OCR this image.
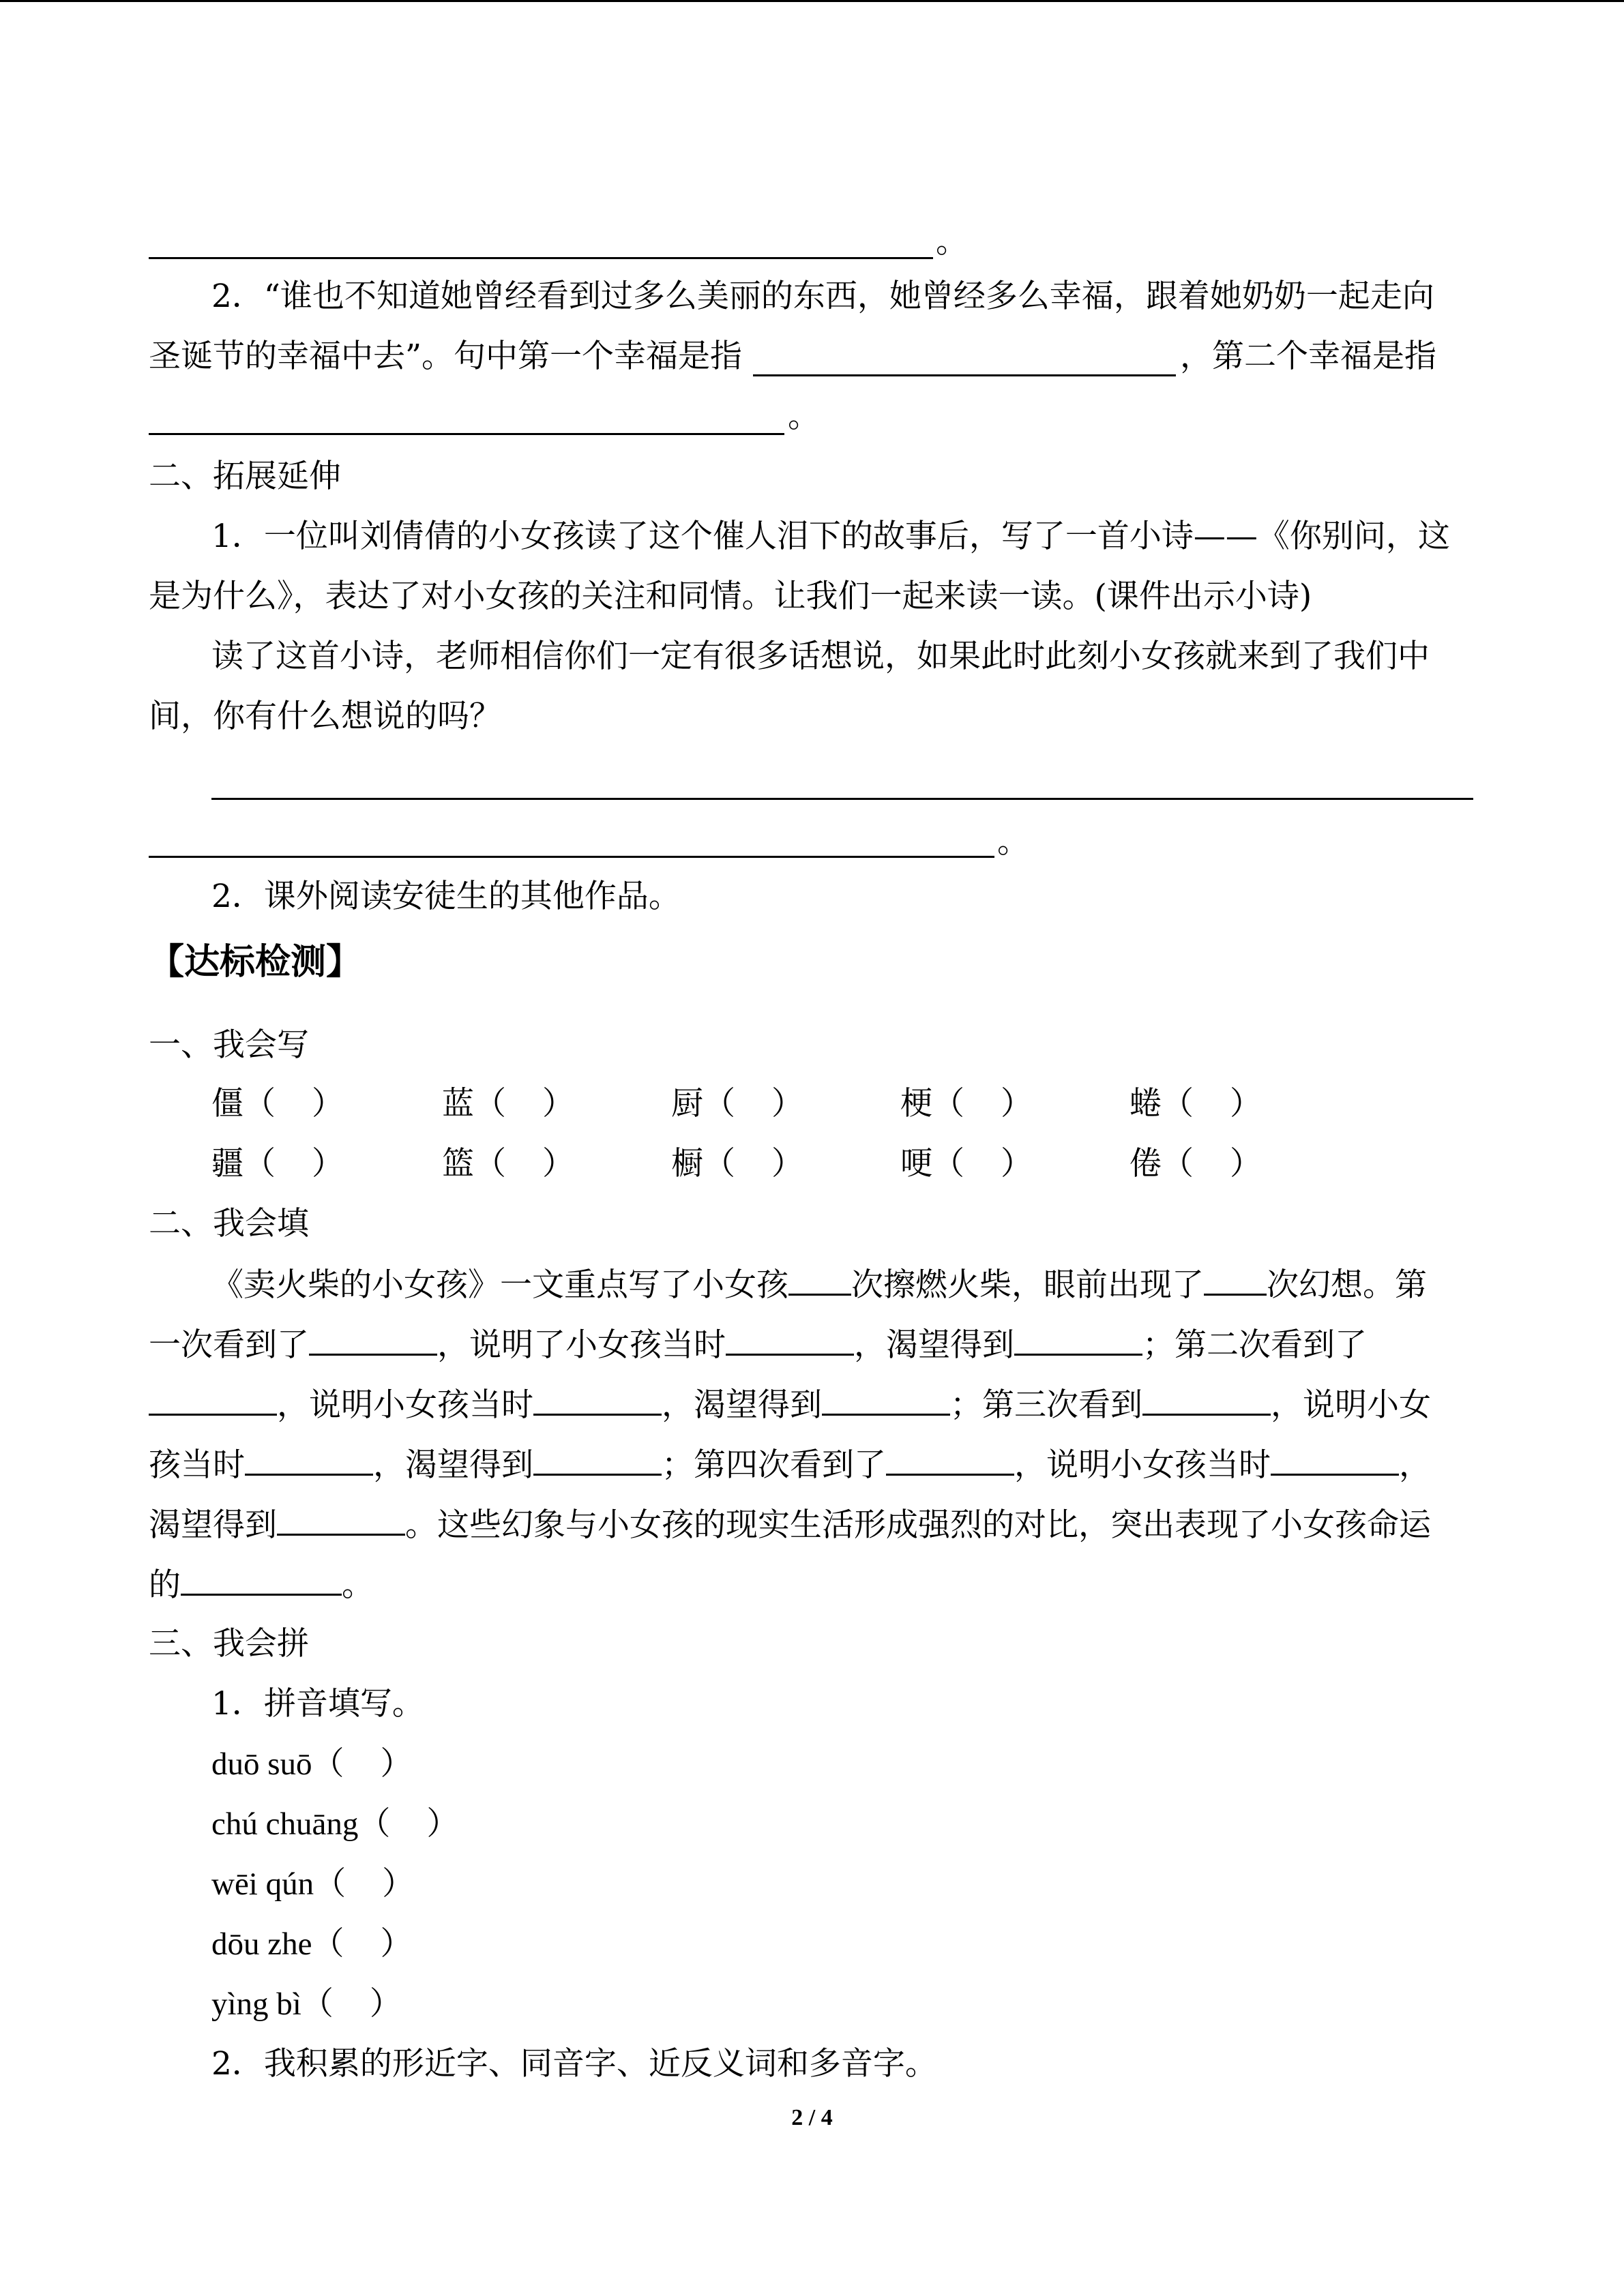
。
2．“谁也不知道她曾经看到过多么美丽的东西，她曾经多么幸福，跟着她奶奶一起走向
圣诞节的幸福中去”。句中第一个幸福是指	，第二个幸福是指
。
二、拓展延伸
1．一位叫刘倩倩的小女孩读了这个催人泪下的故事后，写了一首小诗——《你别问，这
是为什么》，表达了对小女孩的关注和同情。让我们一起来读一读。(课件出示小诗)
读了这首小诗，老师相信你们一定有很多话想说，如果此时此刻小女孩就来到了我们中
间，你有什么想说的吗？
。
2．课外阅读安徒生的其他作品。
【达标检测】
一、我会写
僵（ ）	蓝（ ）	厨（ ）	梗（ ）	蜷（ ）
疆（ ）	篮（ ）	橱（ ）	哽（ ）	倦（ ）
二、我会填
《卖火柴的小女孩》一文重点写了小女孩 次擦燃火柴，眼前出现了 次幻想。第
一次看到了	，说明了小女孩当时	，渴望得到	；第二次看到了
，说明小女孩当时	，渴望得到	；第三次看到	，说明小女
孩当时	，渴望得到	；第四次看到了	，说明小女孩当时	，
渴望得到	。这些幻象与小女孩的现实生活形成强烈的对比，突出表现了小女孩命运
的	。
三、我会拼
1．拼音填写。
duō suō（ ）
chú chuāng（ ）
wēi qún（ ）
dōu zhe（ ）
yìng bì（ ）
2．我积累的形近字、同音字、近反义词和多音字。
2 / 4
